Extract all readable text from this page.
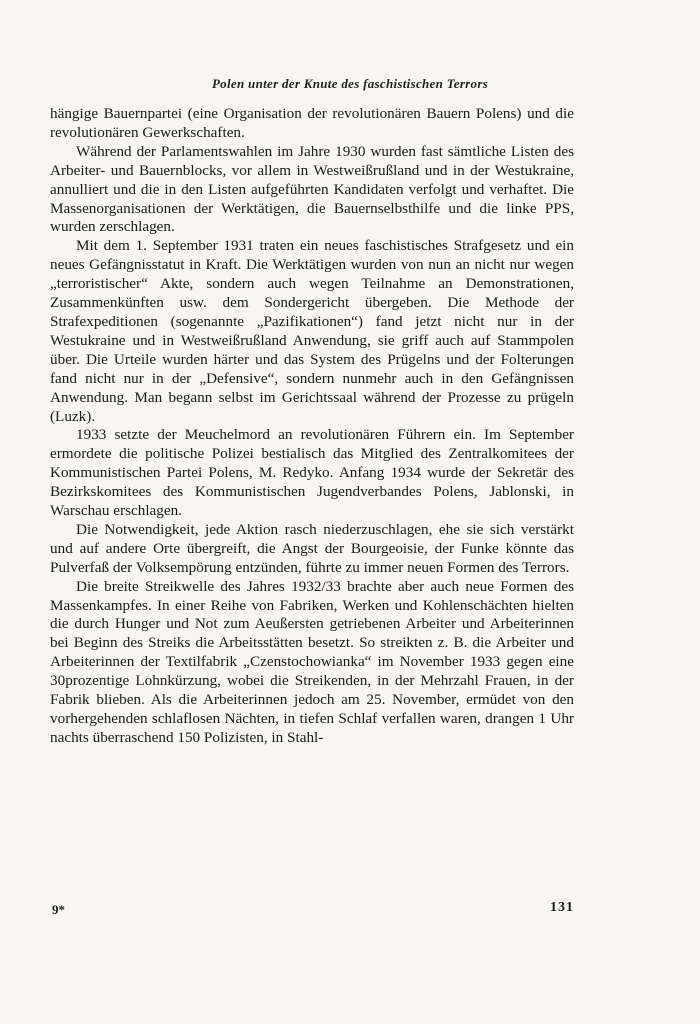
Polen unter der Knute des faschistischen Terrors

hängige Bauernpartei (eine Organisation der revolutionären Bauern Polens) und die revolutionären Gewerkschaften.

Während der Parlamentswahlen im Jahre 1930 wurden fast sämtliche Listen des Arbeiter- und Bauernblocks, vor allem in Westweißrußland und in der Westukraine, annulliert und die in den Listen aufgeführten Kandidaten verfolgt und verhaftet. Die Massenorganisationen der Werktätigen, die Bauernselbsthilfe und die linke PPS, wurden zerschlagen.

Mit dem 1. September 1931 traten ein neues faschistisches Strafgesetz und ein neues Gefängnisstatut in Kraft. Die Werktätigen wurden von nun an nicht nur wegen „terroristischer“ Akte, sondern auch wegen Teilnahme an Demonstrationen, Zusammenkünften usw. dem Sondergericht übergeben. Die Methode der Strafexpeditionen (sogenannte „Pazifikationen“) fand jetzt nicht nur in der Westukraine und in Westweißrußland Anwendung, sie griff auch auf Stammpolen über. Die Urteile wurden härter und das System des Prügelns und der Folterungen fand nicht nur in der „Defensive“, sondern nunmehr auch in den Gefängnissen Anwendung. Man begann selbst im Gerichtssaal während der Prozesse zu prügeln (Luzk).

1933 setzte der Meuchelmord an revolutionären Führern ein. Im September ermordete die politische Polizei bestialisch das Mitglied des Zentralkomitees der Kommunistischen Partei Polens, M. Redyko. Anfang 1934 wurde der Sekretär des Bezirkskomitees des Kommunistischen Jugendverbandes Polens, Jablonski, in Warschau erschlagen.

Die Notwendigkeit, jede Aktion rasch niederzuschlagen, ehe sie sich verstärkt und auf andere Orte übergreift, die Angst der Bourgeoisie, der Funke könnte das Pulverfaß der Volksempörung entzünden, führte zu immer neuen Formen des Terrors.

Die breite Streikwelle des Jahres 1932/33 brachte aber auch neue Formen des Massenkampfes. In einer Reihe von Fabriken, Werken und Kohlenschächten hielten die durch Hunger und Not zum Aeußersten getriebenen Arbeiter und Arbeiterinnen bei Beginn des Streiks die Arbeitsstätten besetzt. So streikten z. B. die Arbeiter und Arbeiterinnen der Textilfabrik „Czenstochowianka“ im November 1933 gegen eine 30prozentige Lohnkürzung, wobei die Streikenden, in der Mehrzahl Frauen, in der Fabrik blieben. Als die Arbeiterinnen jedoch am 25. November, ermüdet von den vorhergehenden schlaflosen Nächten, in tiefen Schlaf verfallen waren, drangen 1 Uhr nachts überraschend 150 Polizisten, in Stahl-

9*	131
